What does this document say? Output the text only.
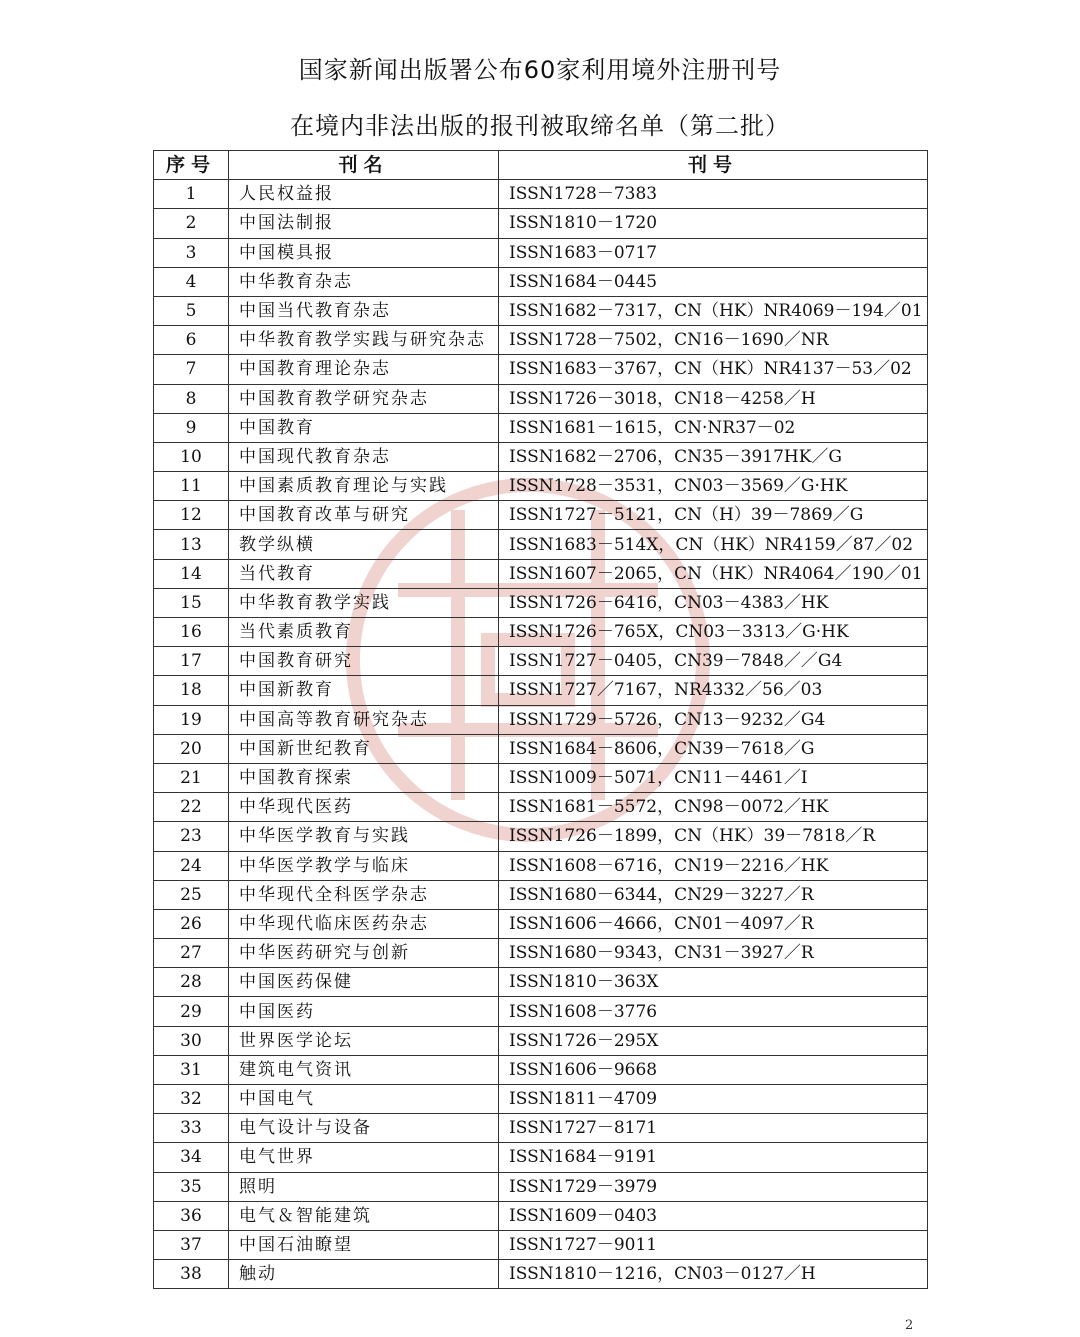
国家新闻出版署公布60家利用境外注册刊号
在境内非法出版的报刊被取缔名单（第二批）
序号	刊名	刊号
1	人民权益报	ISSN1728－7383
2	中国法制报	ISSN1810－1720
3	中国模具报	ISSN1683－0717
4	中华教育杂志	ISSN1684－0445
5	中国当代教育杂志	ISSN1682－7317，CN（HK）NR4069－194／01
6	中华教育教学实践与研究杂志	ISSN1728－7502，CN16－1690／NR
7	中国教育理论杂志	ISSN1683－3767，CN（HK）NR4137－53／02
8	中国教育教学研究杂志	ISSN1726－3018，CN18－4258／H
9	中国教育	ISSN1681－1615，CN·NR37－02
10	中国现代教育杂志	ISSN1682－2706，CN35－3917HK／G
11	中国素质教育理论与实践	ISSN1728－3531，CN03－3569／G·HK
12	中国教育改革与研究	ISSN1727－5121，CN（H）39－7869／G
13	教学纵横	ISSN1683－514X，CN（HK）NR4159／87／02
14	当代教育	ISSN1607－2065，CN（HK）NR4064／190／01
15	中华教育教学实践	ISSN1726－6416，CN03－4383／HK
16	当代素质教育	ISSN1726－765X，CN03－3313／G·HK
17	中国教育研究	ISSN1727－0405，CN39－7848／／G4
18	中国新教育	ISSN1727／7167，NR4332／56／03
19	中国高等教育研究杂志	ISSN1729－5726，CN13－9232／G4
20	中国新世纪教育	ISSN1684－8606，CN39－7618／G
21	中国教育探索	ISSN1009－5071，CN11－4461／I
22	中华现代医药	ISSN1681－5572，CN98－0072／HK
23	中华医学教育与实践	ISSN1726－1899，CN（HK）39－7818／R
24	中华医学教学与临床	ISSN1608－6716，CN19－2216／HK
25	中华现代全科医学杂志	ISSN1680－6344，CN29－3227／R
26	中华现代临床医药杂志	ISSN1606－4666，CN01－4097／R
27	中华医药研究与创新	ISSN1680－9343，CN31－3927／R
28	中国医药保健	ISSN1810－363X
29	中国医药	ISSN1608－3776
30	世界医学论坛	ISSN1726－295X
31	建筑电气资讯	ISSN1606－9668
32	中国电气	ISSN1811－4709
33	电气设计与设备	ISSN1727－8171
34	电气世界	ISSN1684－9191
35	照明	ISSN1729－3979
36	电气＆智能建筑	ISSN1609－0403
37	中国石油瞭望	ISSN1727－9011
38	触动	ISSN1810－1216，CN03－0127／H
2
